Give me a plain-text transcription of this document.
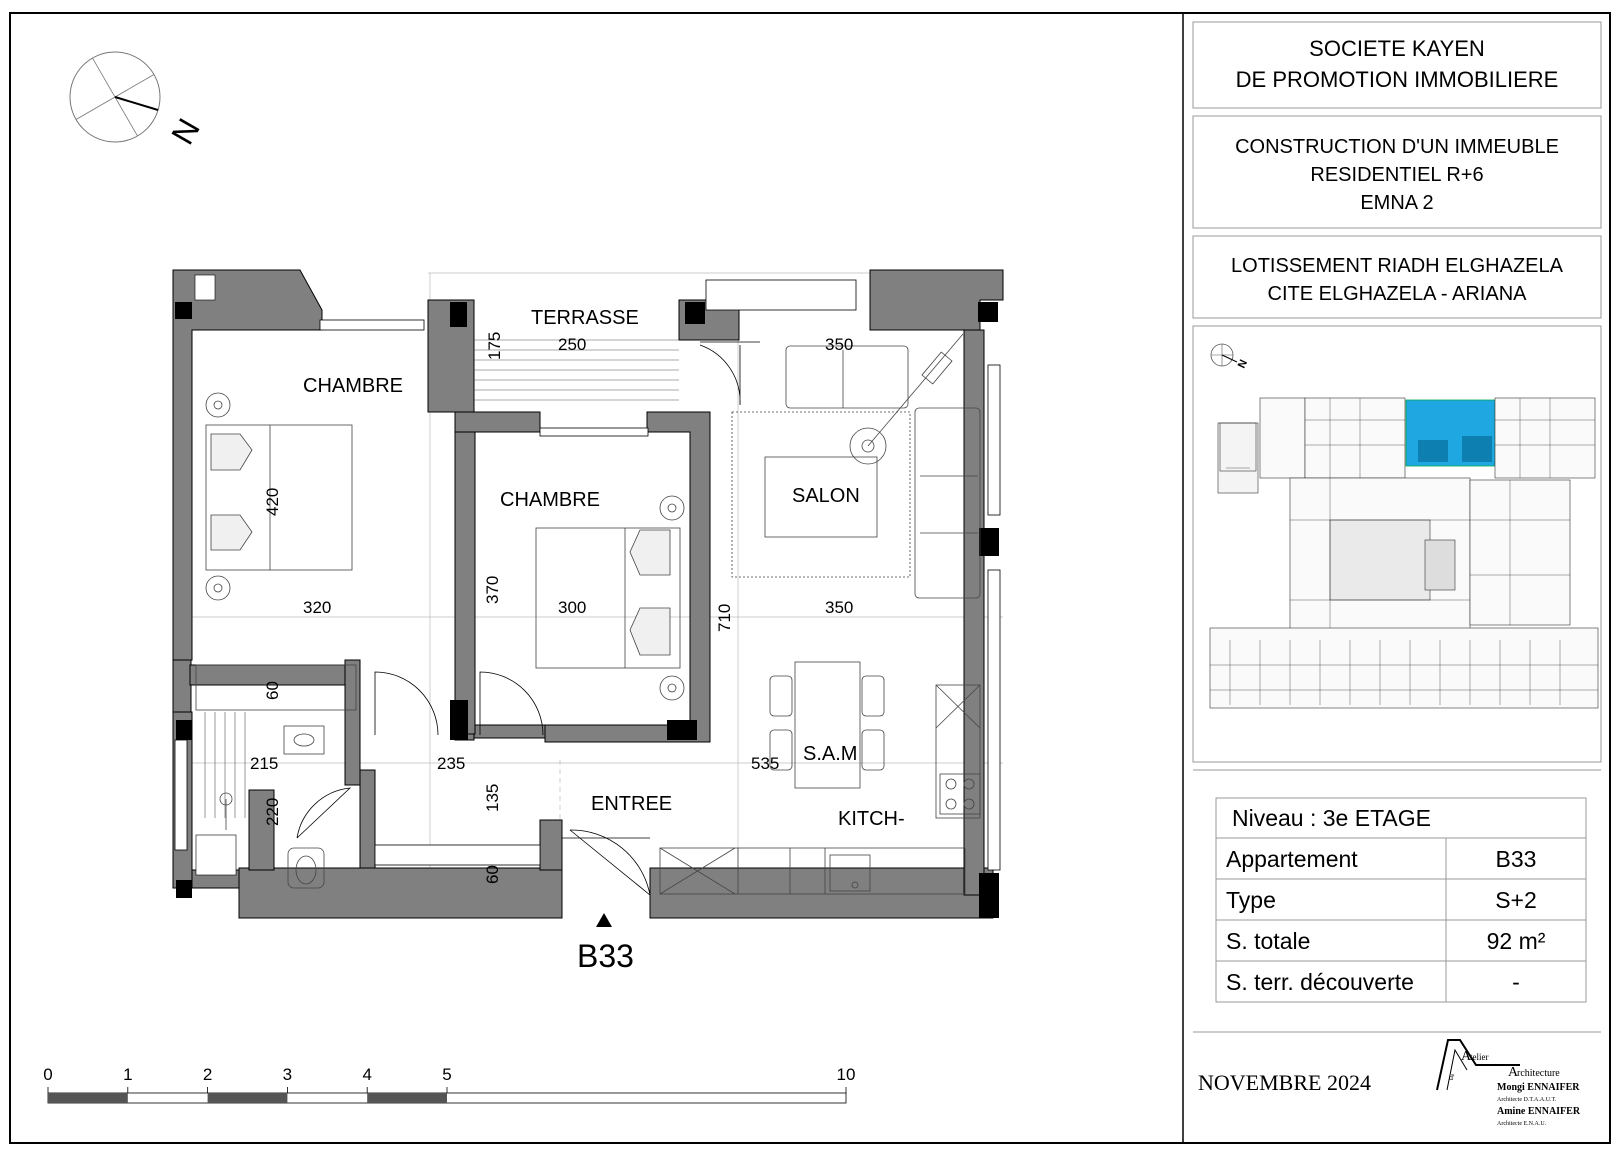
SOCIETE KAYEN
DE PROMOTION IMMOBILIERE
CONSTRUCTION D'UN IMMEUBLE
RESIDENTIEL R+6
EMNA 2
LOTISSEMENT RIADH ELGHAZELA
CITE ELGHAZELA - ARIANA
N
Niveau : 3e ETAGE
Appartement	B33
Type	S+2
S. totale	92 m²
S. terr. découverte	-
NOVEMBRE 2024	d'
A
telier
A
rchitecture
Mongi ENNAIFER
Architecte D.T.A.A.U.T.
Amine ENNAIFER
Architecte E.N.A.U.
N
175	250	350
420
320
370
300	710	350
60
215	235	535
135
220
60
TERRASSE
CHAMBRE
CHAMBRE	SALON
S.A.M
ENTREE
KITCH-
B33
0	1	2	3	4	5	10
